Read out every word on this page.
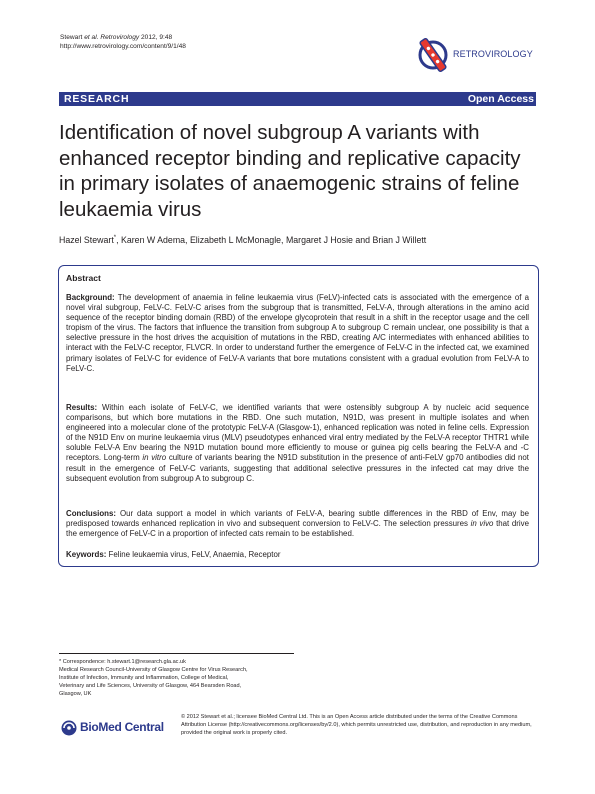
Stewart et al. Retrovirology 2012, 9:48
http://www.retrovirology.com/content/9/1/48
RETROVIROLOGY
RESEARCH	Open Access
Identification of novel subgroup A variants with enhanced receptor binding and replicative capacity in primary isolates of anaemogenic strains of feline leukaemia virus
Hazel Stewart*, Karen W Adema, Elizabeth L McMonagle, Margaret J Hosie and Brian J Willett
Abstract
Background: The development of anaemia in feline leukaemia virus (FeLV)-infected cats is associated with the emergence of a novel viral subgroup, FeLV-C. FeLV-C arises from the subgroup that is transmitted, FeLV-A, through alterations in the amino acid sequence of the receptor binding domain (RBD) of the envelope glycoprotein that result in a shift in the receptor usage and the cell tropism of the virus. The factors that influence the transition from subgroup A to subgroup C remain unclear, one possibility is that a selective pressure in the host drives the acquisition of mutations in the RBD, creating A/C intermediates with enhanced abilities to interact with the FeLV-C receptor, FLVCR. In order to understand further the emergence of FeLV-C in the infected cat, we examined primary isolates of FeLV-C for evidence of FeLV-A variants that bore mutations consistent with a gradual evolution from FeLV-A to FeLV-C.
Results: Within each isolate of FeLV-C, we identified variants that were ostensibly subgroup A by nucleic acid sequence comparisons, but which bore mutations in the RBD. One such mutation, N91D, was present in multiple isolates and when engineered into a molecular clone of the prototypic FeLV-A (Glasgow-1), enhanced replication was noted in feline cells. Expression of the N91D Env on murine leukaemia virus (MLV) pseudotypes enhanced viral entry mediated by the FeLV-A receptor THTR1 while soluble FeLV-A Env bearing the N91D mutation bound more efficiently to mouse or guinea pig cells bearing the FeLV-A and -C receptors. Long-term in vitro culture of variants bearing the N91D substitution in the presence of anti-FeLV gp70 antibodies did not result in the emergence of FeLV-C variants, suggesting that additional selective pressures in the infected cat may drive the subsequent evolution from subgroup A to subgroup C.
Conclusions: Our data support a model in which variants of FeLV-A, bearing subtle differences in the RBD of Env, may be predisposed towards enhanced replication in vivo and subsequent conversion to FeLV-C. The selection pressures in vivo that drive the emergence of FeLV-C in a proportion of infected cats remain to be established.
Keywords: Feline leukaemia virus, FeLV, Anaemia, Receptor
* Correspondence: h.stewart.1@research.gla.ac.uk
Medical Research Council-University of Glasgow Centre for Virus Research,
Institute of Infection, Immunity and Inflammation, College of Medical,
Veterinary and Life Sciences, University of Glasgow, 464 Bearsden Road,
Glasgow, UK
BioMed Central
© 2012 Stewart et al.; licensee BioMed Central Ltd. This is an Open Access article distributed under the terms of the Creative Commons Attribution License (http://creativecommons.org/licenses/by/2.0), which permits unrestricted use, distribution, and reproduction in any medium, provided the original work is properly cited.
